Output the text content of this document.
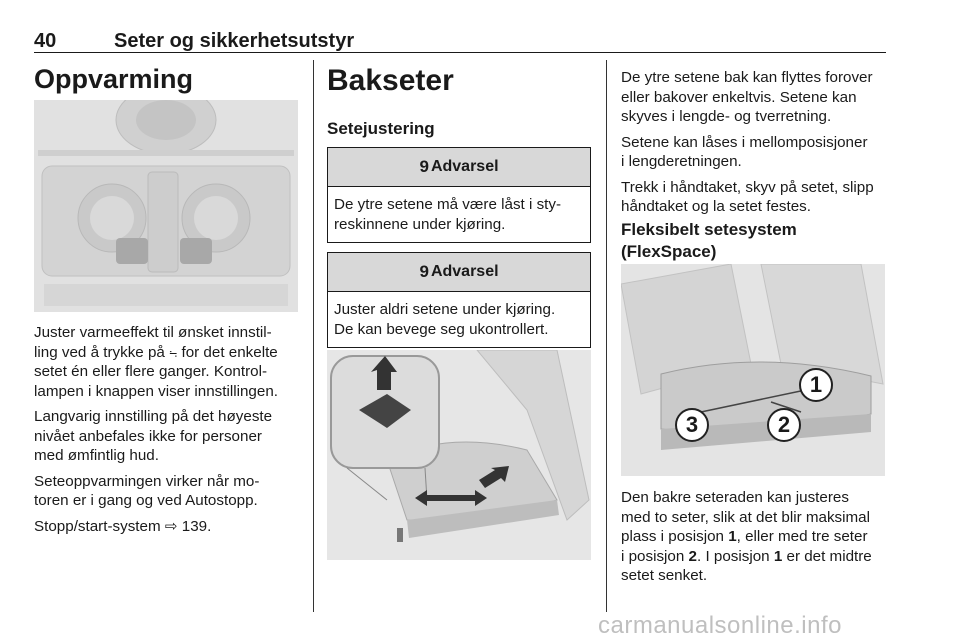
40	Seter og sikkerhetsutstyr
Oppvarming

Juster varmeeffekt til ønsket innstil-
ling ved å trykke på ⨫ for det enkelte
setet én eller flere ganger. Kontrol-
lampen i knappen viser innstillingen.

Langvarig innstilling på det høyeste
nivået anbefales ikke for personer
med ømfintlig hud.

Seteoppvarmingen virker når mo-
toren er i gang og ved Autostopp.

Stopp/start-system ⇨ 139.

Bakseter
Setejustering
9 Advarsel
De ytre setene må være låst i sty-
reskinnene under kjøring.
9 Advarsel
Juster aldri setene under kjøring.
De kan bevege seg ukontrollert.

De ytre setene bak kan flyttes forover
eller bakover enkeltvis. Setene kan
skyves i lengde- og tverretning.

Setene kan låses i mellomposisjoner
i lengderetningen.

Trekk i håndtaket, skyv på setet, slipp
håndtaket og la setet festes.

Fleksibelt setesystem
(FlexSpace)
1
2
3

Den bakre seteraden kan justeres
med to seter, slik at det blir maksimal
plass i posisjon 1, eller med tre seter
i posisjon 2. I posisjon 1 er det midtre
setet senket.

carmanualsonline.info
